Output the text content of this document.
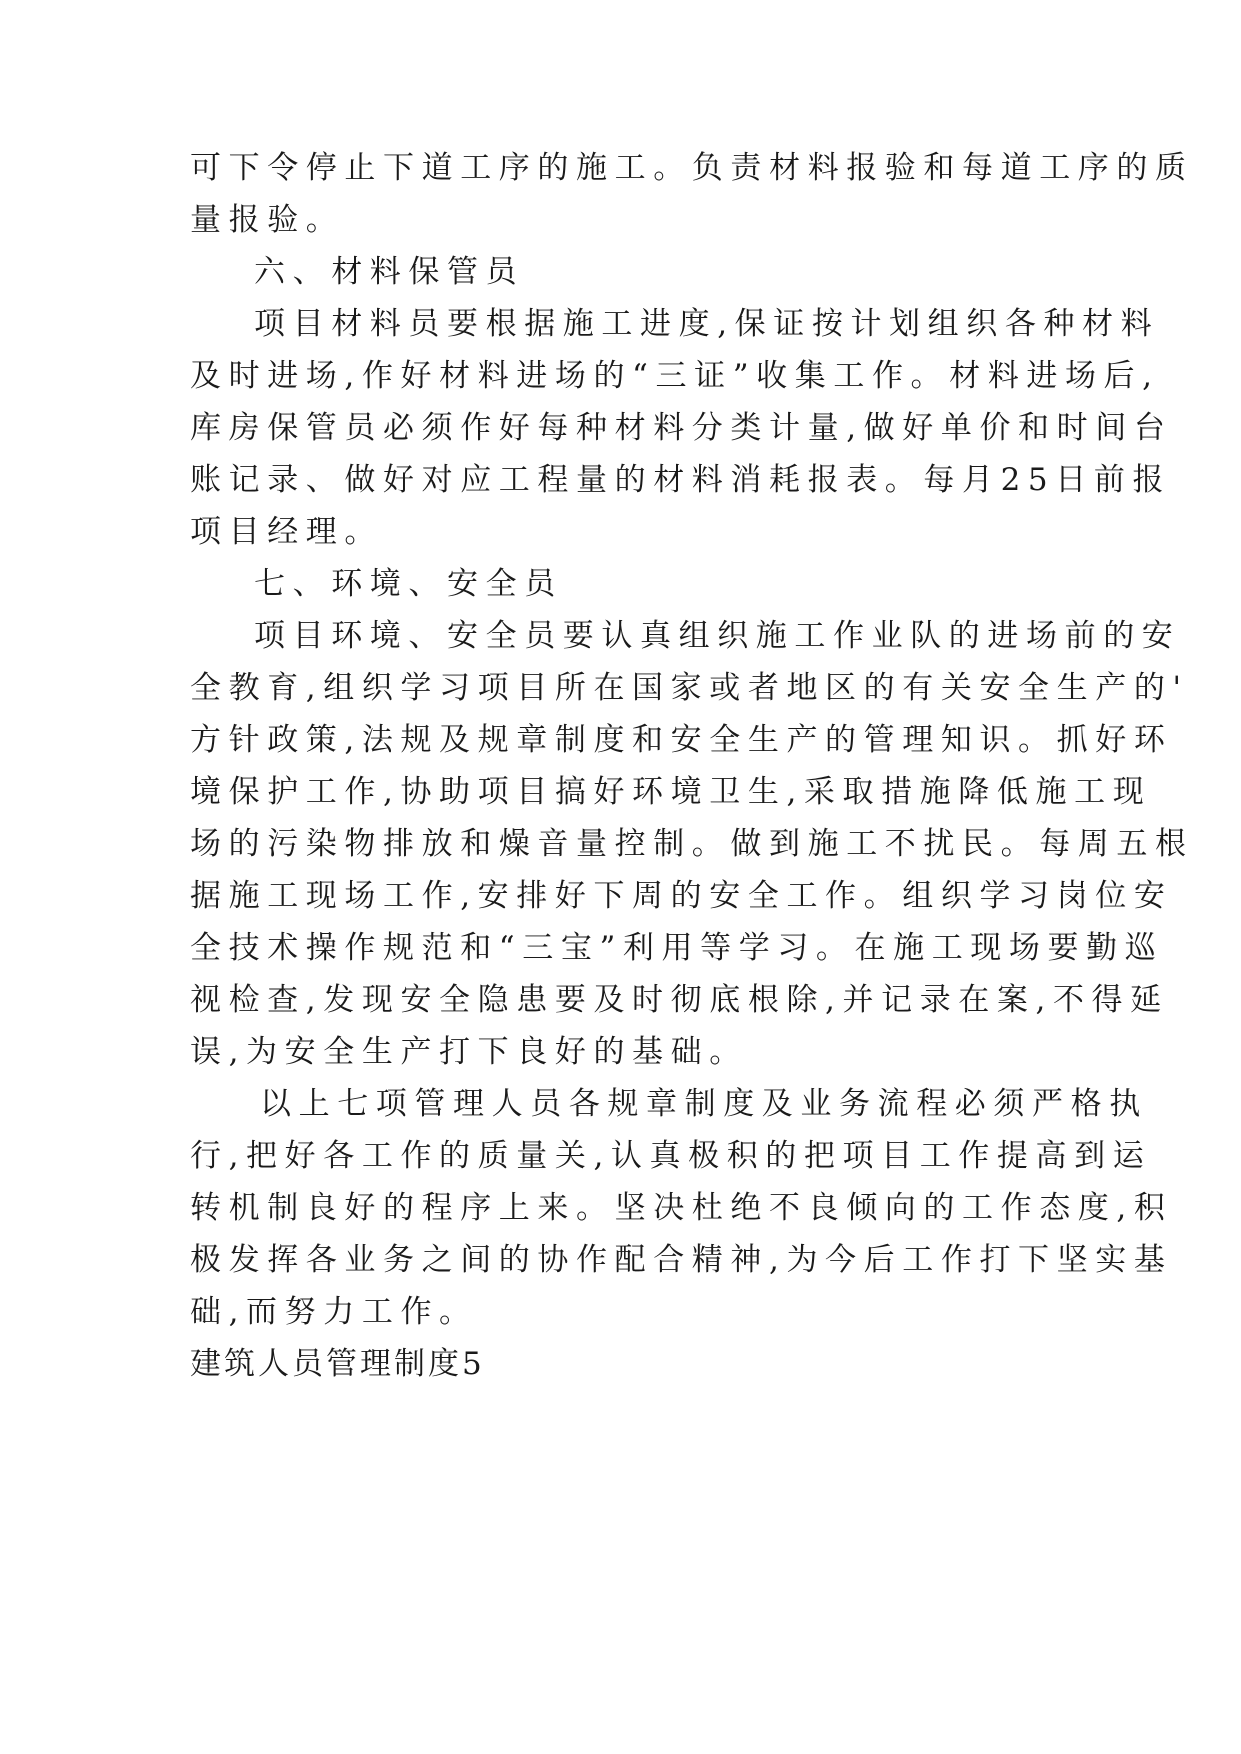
可下令停止下道工序的施工。负责材料报验和每道工序的质
量报验。
六、材料保管员
项目材料员要根据施工进度,保证按计划组织各种材料
及时进场,作好材料进场的“三证”收集工作。材料进场后,
库房保管员必须作好每种材料分类计量,做好单价和时间台
账记录、做好对应工程量的材料消耗报表。每月25日前报
项目经理。
七、环境、安全员
项目环境、安全员要认真组织施工作业队的进场前的安
全教育,组织学习项目所在国家或者地区的有关安全生产的'
方针政策,法规及规章制度和安全生产的管理知识。抓好环
境保护工作,协助项目搞好环境卫生,采取措施降低施工现
场的污染物排放和燥音量控制。做到施工不扰民。每周五根
据施工现场工作,安排好下周的安全工作。组织学习岗位安
全技术操作规范和“三宝”利用等学习。在施工现场要勤巡
视检查,发现安全隐患要及时彻底根除,并记录在案,不得延
误,为安全生产打下良好的基础。
以上七项管理人员各规章制度及业务流程必须严格执
行,把好各工作的质量关,认真极积的把项目工作提高到运
转机制良好的程序上来。坚决杜绝不良倾向的工作态度,积
极发挥各业务之间的协作配合精神,为今后工作打下坚实基
础,而努力工作。
建筑人员管理制度5
